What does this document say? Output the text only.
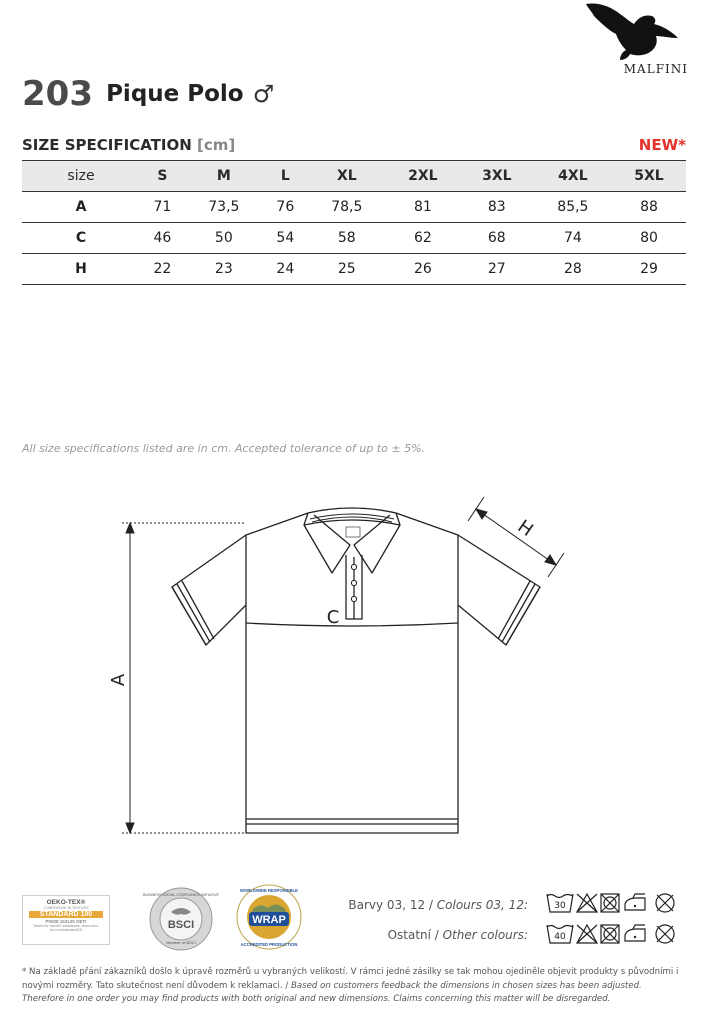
MALFINI
203 Pique Polo ♂
SIZE SPECIFICATION [cm]	NEW*
size	S	M	L	XL	2XL	3XL	4XL	5XL
A	71	73,5	76	78,5	81	83	85,5	88
C	46	50	54	58	62	68	74	80
H	22	23	24	25	26	27	28	29
All size specifications listed are in cm. Accepted tolerance of up to ± 5%.
A
C
H
OEKO-TEX®
CONFIDENCE IN TEXTILES
STANDARD 100
P0028 153125 OETI
Tested for harmful substances. www.oeko-tex.com/standard100	BSCI
Member of BSCI
BUSINESS SOCIAL COMPLIANCE INITIATIVE
WRAP
WORLDWIDE RESPONSIBLE
ACCREDITED PRODUCTION
Barvy 03, 12 / Colours 03, 12:
Ostatní / Other colours:
30
40
* Na základě přání zákazníků došlo k úpravě rozměrů u vybraných velikostí. V rámci jedné zásilky se tak mohou ojediněle objevit produkty s původními i novými rozměry. Tato skutečnost není důvodem k reklamaci. / Based on customers feedback the dimensions in chosen sizes has been adjusted. Therefore in one order you may find products with both original and new dimensions. Claims concerning this matter will be disregarded.
